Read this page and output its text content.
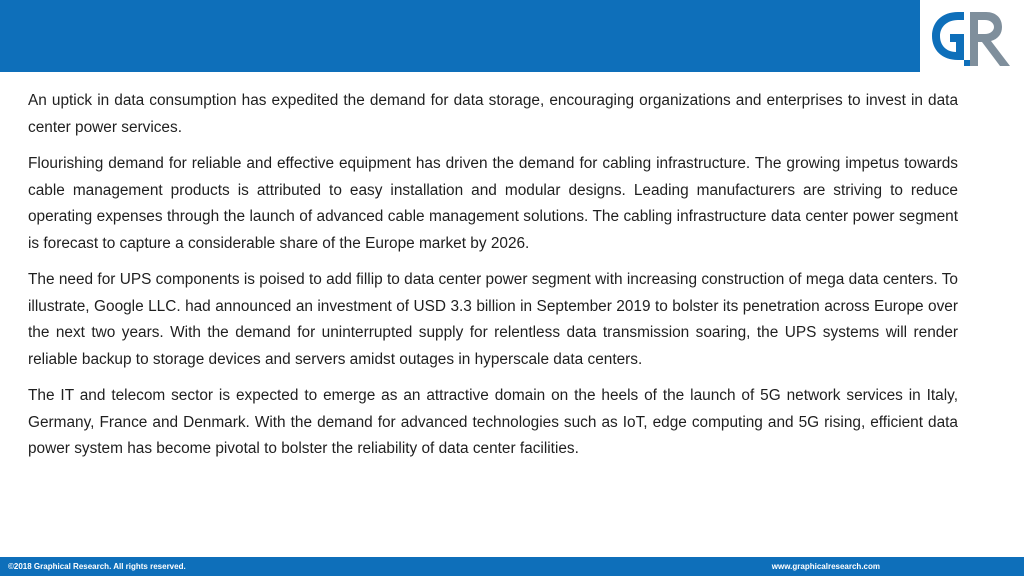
An uptick in data consumption has expedited the demand for data storage, encouraging organizations and enterprises to invest in data center power services.

Flourishing demand for reliable and effective equipment has driven the demand for cabling infrastructure. The growing impetus towards cable management products is attributed to easy installation and modular designs. Leading manufacturers are striving to reduce operating expenses through the launch of advanced cable management solutions. The cabling infrastructure data center power segment is forecast to capture a considerable share of the Europe market by 2026.

The need for UPS components is poised to add fillip to data center power segment with increasing construction of mega data centers. To illustrate, Google LLC. had announced an investment of USD 3.3 billion in September 2019 to bolster its penetration across Europe over the next two years. With the demand for uninterrupted supply for relentless data transmission soaring, the UPS systems will render reliable backup to storage devices and servers amidst outages in hyperscale data centers.

The IT and telecom sector is expected to emerge as an attractive domain on the heels of the launch of 5G network services in Italy, Germany, France and Denmark. With the demand for advanced technologies such as IoT, edge computing and 5G rising, efficient data power system has become pivotal to bolster the reliability of data center facilities.

©2018 Graphical Research. All rights reserved.	www.graphicalresearch.com
